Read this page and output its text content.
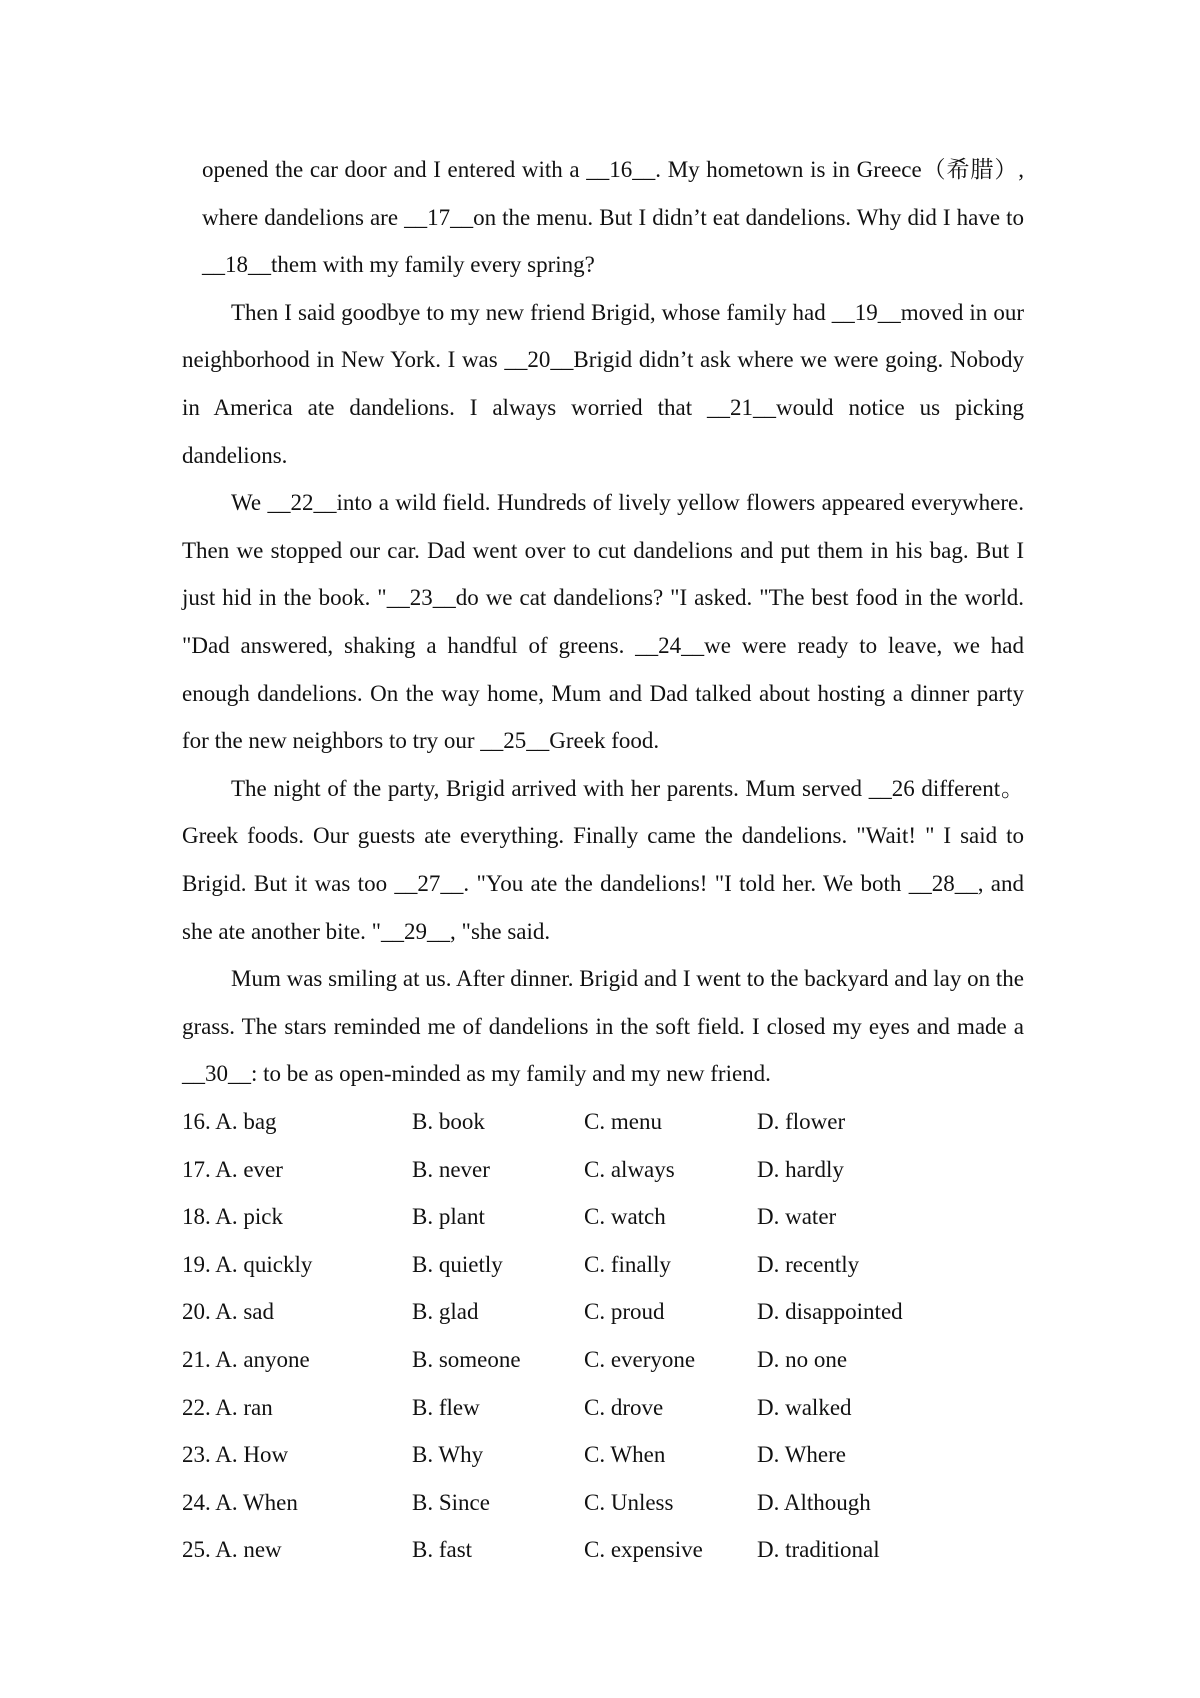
opened the car door and I entered with a __16__. My hometown is in Greece（希腊）, where dandelions are __17__on the menu. But I didn’t eat dandelions. Why did I have to __18__them with my family every spring?

Then I said goodbye to my new friend Brigid, whose family had __19__moved in our neighborhood in New York. I was __20__Brigid didn’t ask where we were going. Nobody in America ate dandelions. I always worried that __21__would notice us picking dandelions.

We __22__into a wild field. Hundreds of lively yellow flowers appeared everywhere. Then we stopped our car. Dad went over to cut dandelions and put them in his bag. But I just hid in the book. "__23__do we cat dandelions? "I asked. "The best food in the world. "Dad answered, shaking a handful of greens. __24__we were ready to leave, we had enough dandelions. On the way home, Mum and Dad talked about hosting a dinner party for the new neighbors to try our __25__Greek food.

The night of the party, Brigid arrived with her parents. Mum served __26 different。Greek foods. Our guests ate everything. Finally came the dandelions. "Wait! " I said to Brigid. But it was too __27__. "You ate the dandelions! "I told her. We both __28__, and she ate another bite. "__29__, "she said.

Mum was smiling at us. After dinner. Brigid and I went to the backyard and lay on the grass. The stars reminded me of dandelions in the soft field. I closed my eyes and made a __30__: to be as open-minded as my family and my new friend.

16. A. bag	B. book	C. menu	D. flower
17. A. ever	B. never	C. always	D. hardly
18. A. pick	B. plant	C. watch	D. water
19. A. quickly	B. quietly	C. finally	D. recently
20. A. sad	B. glad	C. proud	D. disappointed
21. A. anyone	B. someone	C. everyone	D. no one
22. A. ran	B. flew	C. drove	D. walked
23. A. How	B. Why	C. When	D. Where
24. A. When	B. Since	C. Unless	D. Although
25. A. new	B. fast	C. expensive	D. traditional
